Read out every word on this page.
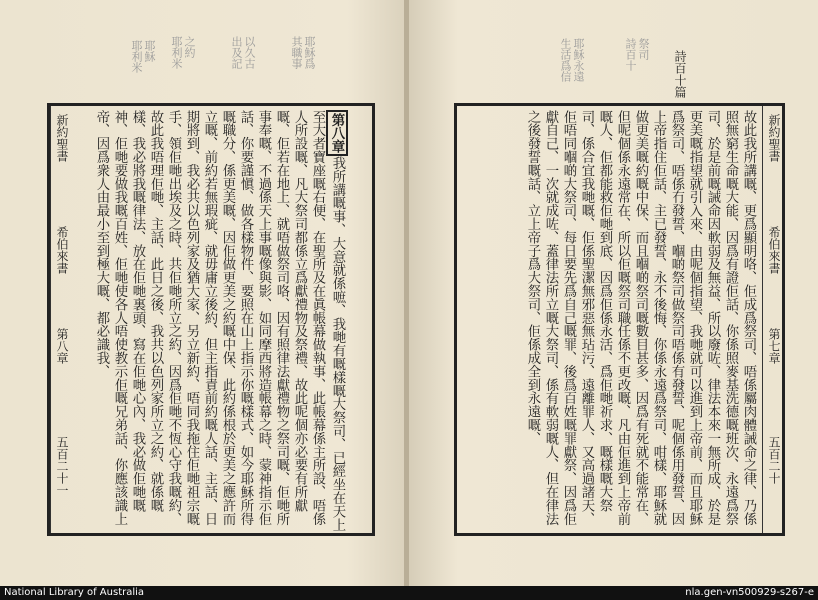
耶穌
耶利米	之約
耶利米	以久古
出及記	耶穌爲
其職事
新約聖書
希伯來書
第八章
五百二十一
第八章我所講嘅事、大意就係嗻、我哋有嘅樣嘅大祭司、已經坐在天上至大者寶座嘅右便、在聖所及在眞帳幕做執事、此帳幕係主所設、唔係人所設嘅、凡大祭司都係立爲獻禮物及祭禮、故此呢個亦必要有所獻嘅、佢若在地上、就唔做祭司咯、因有照律法獻禮物之祭司嘅、佢哋所事奉嘅、不過係天上事嘅像與影、如同摩西將造帳幕之時、蒙神指示佢話、你要謹愼、做各樣物件、要照在山上指示你嘅樣式、如今耶穌所得嘅職分、係更美嘅、因佢做更美之約嘅中保、此約係根於更美之應許而立嘅、前約若無瑕疵、就毋庸立後約、但主指責前約嘅人話、主話、日期將到、我必共以色列家及猶大家、另立新約、唔同我拖住佢哋祖宗嘅手、領佢哋出埃及之時、共佢哋所立之約、因爲佢哋不恆心守我嘅約、故此我唔理佢哋、主話、此日之後、我共以色列家所立之約、就係嘅樣、我必將我嘅律法、放在佢哋裏頭、寫在佢哋心內、我必做佢哋嘅神、佢哋要做我嘅百姓、佢哋使各人唔使教示佢嘅兄弟話、你應該識上帝、因爲衆人由最小至到極大嘅、都必識我、
詩百十篇
耶穌永遠
生活爲信	祭司
詩百十
故此我所講嘅、更爲顯明咯、佢成爲祭司、唔係屬肉體誡命之律、乃係照無窮生命嘅大能、因爲有證佢話、你係照麥基洗德嘅班次、永遠爲祭司、於是前嘅誡命因軟弱及無益、所以廢咗、律法本來一無所成、於是更美嘅指望就引入來、由呢個指望、我哋就可以進到上帝前、而且耶穌爲祭司、唔係冇發誓、嗰啲祭司做祭司唔係有發誓、呢個係用發誓、因上帝指住佢話、主已發誓、永不後悔、你係永遠爲祭司、咁樣、耶穌就做更美嘅約嘅中保、而且嗰啲祭司嘅數目甚多、因爲有死就不能常在、但呢個係永遠常在、所以佢嘅祭司職任係不更改嘅、凡由佢進到上帝前嘅人、佢都能救佢哋到底、因爲佢係永活、爲佢哋祈求、嘅樣嘅大祭司、係合宜我哋嘅、佢係聖潔無邪惡無玷污、遠離罪人、又高過諸天、佢唔同嗰啲大祭司、每日要先爲自己嘅罪、後爲百姓嘅罪獻祭、因爲佢獻自己、一次就成咗、蓋律法所立嘅大祭司、係有軟弱嘅人、但在律法之後發誓嘅話、立上帝子爲大祭司、佢係成全到永遠嘅、	新約聖書
希伯來書
第七章
五百二十
National Library of Australia	nla.gen-vn500929-s267-e
